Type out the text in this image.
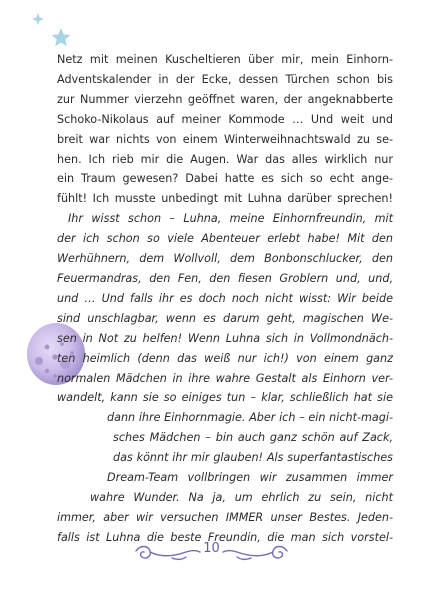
Netz mit meinen Kuscheltieren über mir, mein Einhorn-
Adventskalender in der Ecke, dessen Türchen schon bis
zur Nummer vierzehn geöffnet waren, der angeknabberte
Schoko-Nikolaus auf meiner Kommode … Und weit und
breit war nichts von einem Winterweihnachtswald zu se-
hen. Ich rieb mir die Augen. War das alles wirklich nur
ein Traum gewesen? Dabei hatte es sich so echt ange-
fühlt! Ich musste unbedingt mit Luhna darüber sprechen!
Ihr wisst schon – Luhna, meine Einhornfreundin, mit
der ich schon so viele Abenteuer erlebt habe! Mit den
Werhühnern, dem Wollvoll, dem Bonbonschlucker, den
Feuermandras, den Fen, den fiesen Groblern und, und,
und … Und falls ihr es doch noch nicht wisst: Wir beide
sind unschlagbar, wenn es darum geht, magischen We-
sen in Not zu helfen! Wenn Luhna sich in Vollmondnäch-
ten heimlich (denn das weiß nur ich!) von einem ganz
normalen Mädchen in ihre wahre Gestalt als Einhorn ver-
wandelt, kann sie so einiges tun – klar, schließlich hat sie
dann ihre Einhornmagie. Aber ich – ein nicht-magi-
sches Mädchen – bin auch ganz schön auf Zack,
das könnt ihr mir glauben! Als superfantastisches
Dream-Team vollbringen wir zusammen immer
wahre Wunder. Na ja, um ehrlich zu sein, nicht
immer, aber wir versuchen IMMER unser Bestes. Jeden-
falls ist Luhna die beste Freundin, die man sich vorstel-
10
